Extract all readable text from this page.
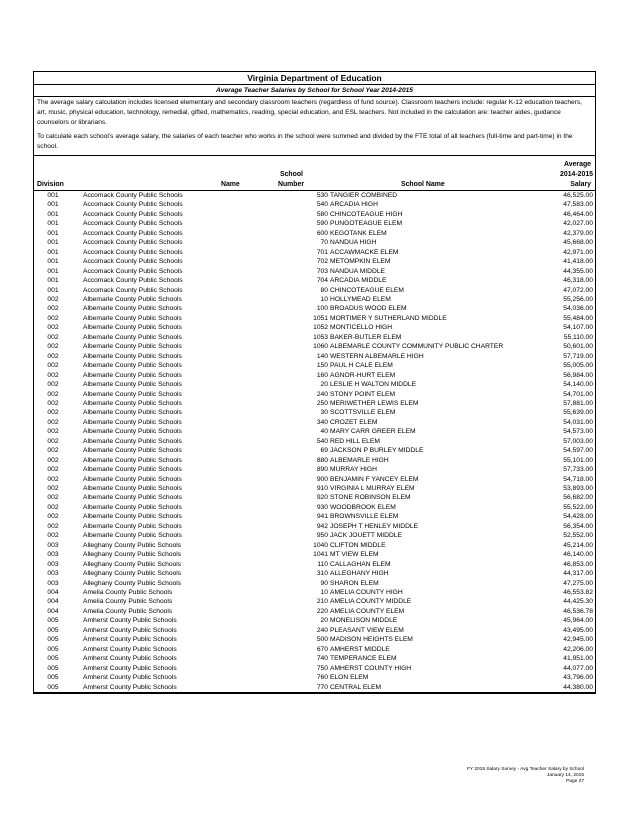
Virginia Department of Education
Average Teacher Salaries by School for School Year 2014-2015

The average salary calculation includes licensed elementary and secondary classroom teachers (regardless of fund source). Classroom teachers include: regular K-12 education teachers, art, music, physical education, technology, remedial, gifted, mathematics, reading, special education, and ESL teachers. Not included in the calculation are: teacher aides, guidance counselors or librarians.

To calculate each school’s average salary, the salaries of each teacher who works in the school were summed and divided by the FTE total of all teachers (full-time and part-time) in the school.

Division	Name
School
Number	School Name
Average
2014-2015
Salary
001	Accomack County Public Schools	530	TANGIER COMBINED	46,525.00
001	Accomack County Public Schools	540	ARCADIA HIGH	47,583.00
001	Accomack County Public Schools	580	CHINCOTEAGUE HIGH	46,464.00
001	Accomack County Public Schools	590	PUNGOTEAGUE ELEM	42,027.00
001	Accomack County Public Schools	600	KEGOTANK ELEM	42,379.00
001	Accomack County Public Schools	70	NANDUA HIGH	45,668.00
001	Accomack County Public Schools	701	ACCAWMACKE ELEM	42,971.00
001	Accomack County Public Schools	702	METOMPKIN ELEM	41,418.00
001	Accomack County Public Schools	703	NANDUA MIDDLE	44,355.00
001	Accomack County Public Schools	704	ARCADIA MIDDLE	46,318.00
001	Accomack County Public Schools	80	CHINCOTEAGUE ELEM	47,072.00
002	Albemarle County Public Schools	10	HOLLYMEAD ELEM	55,256.00
002	Albemarle County Public Schools	100	BROADUS WOOD ELEM	54,036.00
002	Albemarle County Public Schools	1051	MORTIMER Y SUTHERLAND MIDDLE	55,484.00
002	Albemarle County Public Schools	1052	MONTICELLO HIGH	54,107.00
002	Albemarle County Public Schools	1053	BAKER-BUTLER ELEM	55,110.00
002	Albemarle County Public Schools	1060	ALBEMARLE COUNTY COMMUNITY PUBLIC CHARTER	50,601.00
002	Albemarle County Public Schools	140	WESTERN ALBEMARLE HIGH	57,719.00
002	Albemarle County Public Schools	150	PAUL H CALE ELEM	55,005.00
002	Albemarle County Public Schools	160	AGNOR-HURT ELEM	56,984.00
002	Albemarle County Public Schools	20	LESLIE H WALTON MIDDLE	54,140.00
002	Albemarle County Public Schools	240	STONY POINT ELEM	54,701.00
002	Albemarle County Public Schools	250	MERIWETHER LEWIS ELEM	57,881.00
002	Albemarle County Public Schools	30	SCOTTSVILLE ELEM	55,639.00
002	Albemarle County Public Schools	340	CROZET ELEM	54,031.00
002	Albemarle County Public Schools	40	MARY CARR GREER ELEM	54,573.00
002	Albemarle County Public Schools	540	RED HILL ELEM	57,003.00
002	Albemarle County Public Schools	69	JACKSON P BURLEY MIDDLE	54,597.00
002	Albemarle County Public Schools	880	ALBEMARLE HIGH	55,101.00
002	Albemarle County Public Schools	890	MURRAY HIGH	57,733.00
002	Albemarle County Public Schools	900	BENJAMIN F YANCEY ELEM	54,718.00
002	Albemarle County Public Schools	910	VIRGINIA L MURRAY ELEM	53,893.00
002	Albemarle County Public Schools	920	STONE ROBINSON ELEM	56,682.00
002	Albemarle County Public Schools	930	WOODBROOK ELEM	55,522.00
002	Albemarle County Public Schools	941	BROWNSVILLE ELEM	54,428.00
002	Albemarle County Public Schools	942	JOSEPH T HENLEY MIDDLE	56,354.00
002	Albemarle County Public Schools	950	JACK JOUETT MIDDLE	52,552.00
003	Alleghany County Public Schools	1040	CLIFTON MIDDLE	45,214.00
003	Alleghany County Public Schools	1041	MT VIEW ELEM	46,140.00
003	Alleghany County Public Schools	110	CALLAGHAN ELEM	46,853.00
003	Alleghany County Public Schools	310	ALLEGHANY HIGH	44,317.00
003	Alleghany County Public Schools	90	SHARON ELEM	47,275.00
004	Amelia County Public Schools	10	AMELIA COUNTY HIGH	46,553.82
004	Amelia County Public Schools	210	AMELIA COUNTY MIDDLE	44,425.30
004	Amelia County Public Schools	220	AMELIA COUNTY ELEM	46,536.78
005	Amherst County Public Schools	20	MONELISON MIDDLE	45,964.00
005	Amherst County Public Schools	240	PLEASANT VIEW ELEM	43,495.00
005	Amherst County Public Schools	500	MADISON HEIGHTS ELEM	42,945.00
005	Amherst County Public Schools	670	AMHERST MIDDLE	42,206.00
005	Amherst County Public Schools	740	TEMPERANCE ELEM	41,951.00
005	Amherst County Public Schools	750	AMHERST COUNTY HIGH	44,077.00
005	Amherst County Public Schools	760	ELON ELEM	43,796.00
005	Amherst County Public Schools	770	CENTRAL ELEM	44,380.00
FY 2015 Salary Survey - Avg Teacher Salary by School
January 14, 2015
Page 27
